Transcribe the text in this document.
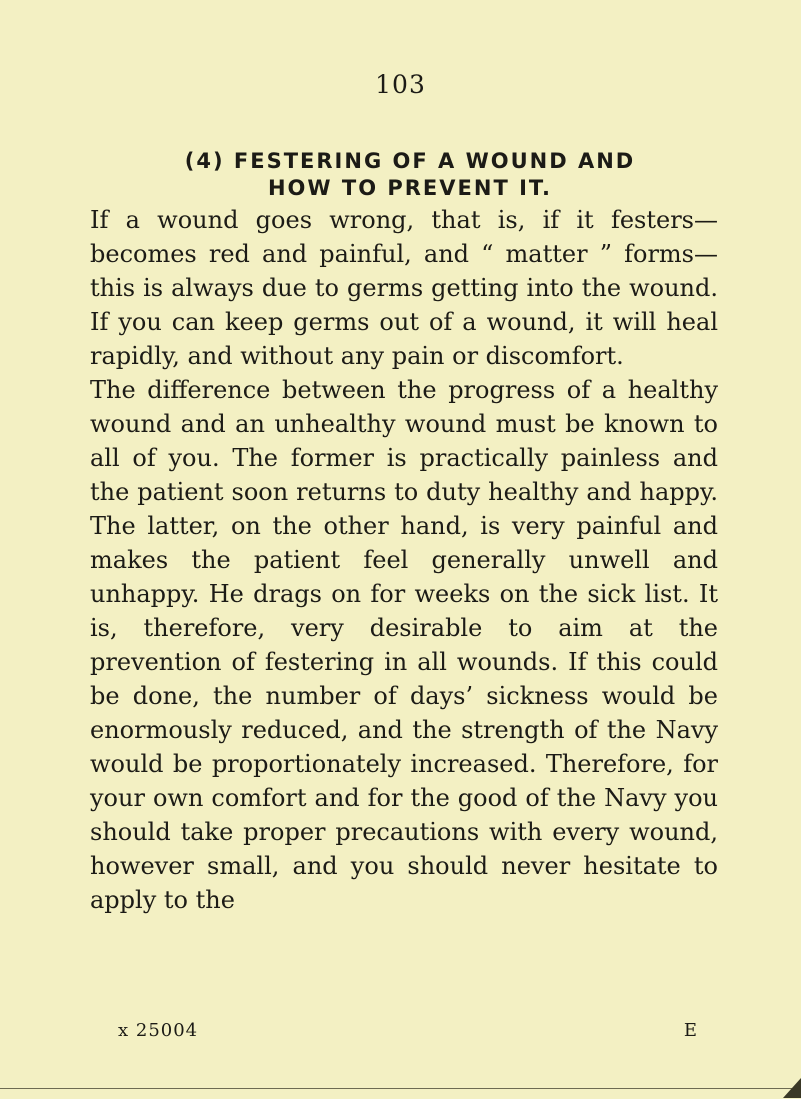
103
(4) FESTERING OF A WOUND AND
HOW TO PREVENT IT.

If a wound goes wrong, that is, if it festers—becomes red and painful, and “ matter ” forms—this is always due to germs getting into the wound. If you can keep germs out of a wound, it will heal rapidly, and without any pain or discomfort.

The difference between the progress of a healthy wound and an unhealthy wound must be known to all of you. The former is practically painless and the patient soon returns to duty healthy and happy. The latter, on the other hand, is very painful and makes the patient feel generally unwell and unhappy. He drags on for weeks on the sick list. It is, therefore, very desirable to aim at the prevention of festering in all wounds. If this could be done, the number of days’ sickness would be enormously reduced, and the strength of the Navy would be proportionately increased. Therefore, for your own comfort and for the good of the Navy you should take proper precautions with every wound, however small, and you should never hesitate to apply to the

x 25004	E
